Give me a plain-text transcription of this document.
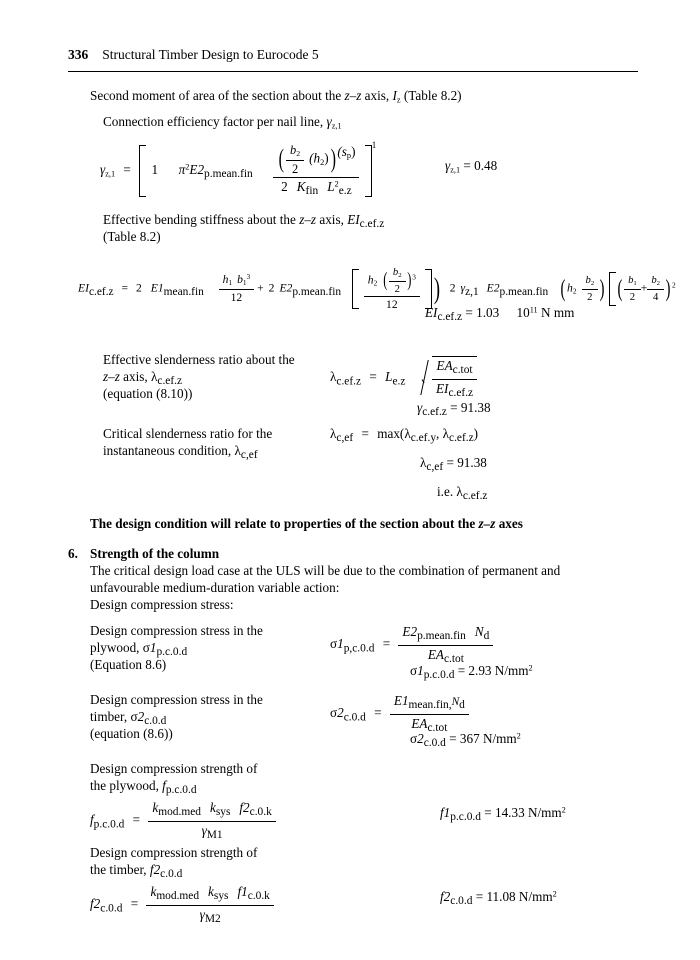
336 Structural Timber Design to Eurocode 5
Second moment of area of the section about the z–z axis, $I_z$ (Table 8.2)
Connection efficiency factor per nail line, $\gamma_{z,1}$
$\gamma_{z,1} = 1$ $\pi^2E2_{p.mean.fin} \frac{( \frac{b_2}{2} (h_2)) (s_p)}{2 K_{fin} L^2_{e.z}} ^1$
$\gamma_{z,1} = 0.48$
Effective bending stiffness about the z–z axis, $EI_{c.ef.z}$
(Table 8.2)
$EI_{c.ef.z} = 2$ $E1_{mean.fin} \frac{h_1 b_1^3}{12} + 2$ $E2_{p.mean.fin} \frac{h_2 ( \frac{b_2}{2} )^3}{12}$ ) 2 $\gamma_{z,1}$ $E2_{p.mean.fin}$ ( $h_2 \frac{b_2}{2}$ ) ( $\frac{b_1}{2} + \frac{b_2}{4}$ ) $^2$
$EI_{c.ef.z} = 1.03$ $10^{11}$ N mm
Effective slenderness ratio about the
z–z axis, $\lambda_{c.ef.z}$
(equation (8.10))
$\lambda_{c.ef.z} = L_{e.z} \frac{EA_{c.tot}}{EI_{c.ef.z}}$
$\gamma_{c.ef.z} = 91.38$
Critical slenderness ratio for the
instantaneous condition, $\lambda_{c,ef}$
$\lambda_{c,ef} = \max(\lambda_{c.ef.y}$, $\lambda_{c.ef.z}$)
$\lambda_{c,ef} = 91.38$
i.e. $\lambda_{c.ef.z}$
The design condition will relate to properties of the section about the z–z axes
6. Strength of the column
The critical design load case at the ULS will be due to the combination of permanent and
unfavourable medium-duration variable action:
Design compression stress:
Design compression stress in the
plywood, $\sigma 1_{p.c.0.d}$
(Equation 8.6)
$\sigma 1_{p,c.0.d} = \frac{E2_{p.mean.fin} N_d}{EA_{c.tot}}$
$\sigma 1_{p.c.0.d} = 2.93$ $N/mm^2$
Design compression stress in the
timber, $\sigma 2_{c.0.d}$
(equation (8.6))
$\sigma 2_{c.0.d} = \frac{E1_{mean.fin,}N_d}{EA_{c.tot}}$
$\sigma 2_{c.0.d} = 367$ $N/mm^2$
Design compression strength of
the plywood, $f_{p.c.0.d}$
$f_{p.c.0.d} = \frac{k_{mod.med} k_{sys} f2_{c.0.k}}{\gamma_{M1}}$	$f1_{p.c.0.d} = 14.33$ $N/mm^2$
Design compression strength of
the timber, $f2_{c.0.d}$
$f2_{c.0.d} = \frac{k_{mod.med} k_{sys} f1_{c.0.k}}{\gamma_{M2}}$	$f2_{c.0.d} = 11.08$ $N/mm^2$
